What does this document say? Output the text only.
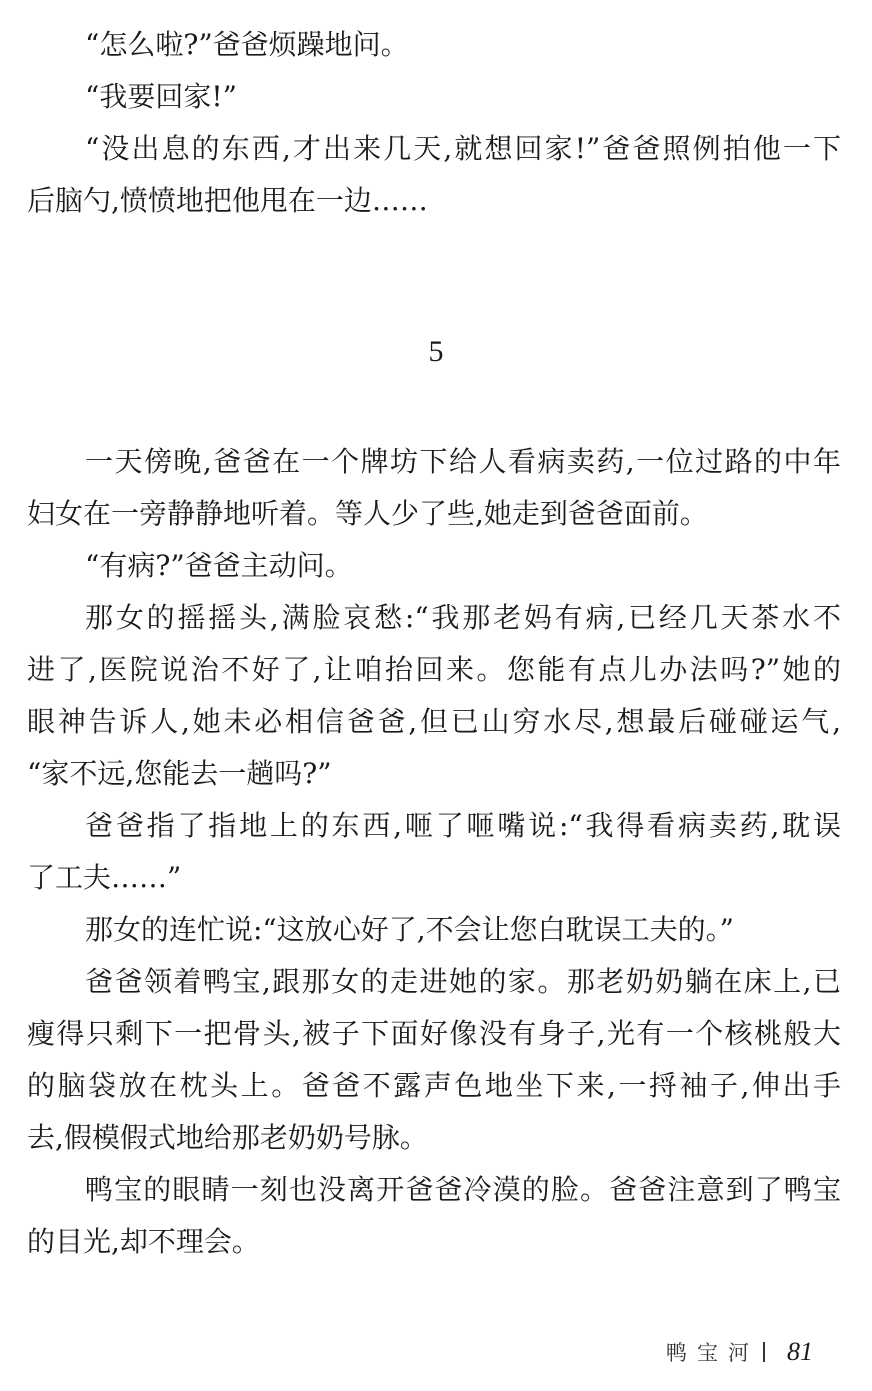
“怎么啦?”爸爸烦躁地问。
“我要回家!”
“没出息的东西,才出来几天,就想回家!”爸爸照例拍他一下
后脑勺,愤愤地把他甩在一边……
5
一天傍晚,爸爸在一个牌坊下给人看病卖药,一位过路的中年
妇女在一旁静静地听着。等人少了些,她走到爸爸面前。
“有病?”爸爸主动问。
那女的摇摇头,满脸哀愁:“我那老妈有病,已经几天茶水不
进了,医院说治不好了,让咱抬回来。您能有点儿办法吗?”她的
眼神告诉人,她未必相信爸爸,但已山穷水尽,想最后碰碰运气,
“家不远,您能去一趟吗?”
爸爸指了指地上的东西,咂了咂嘴说:“我得看病卖药,耽误
了工夫……”
那女的连忙说:“这放心好了,不会让您白耽误工夫的。”
爸爸领着鸭宝,跟那女的走进她的家。那老奶奶躺在床上,已
瘦得只剩下一把骨头,被子下面好像没有身子,光有一个核桃般大
的脑袋放在枕头上。爸爸不露声色地坐下来,一捋袖子,伸出手
去,假模假式地给那老奶奶号脉。
鸭宝的眼睛一刻也没离开爸爸冷漠的脸。爸爸注意到了鸭宝
的目光,却不理会。
鸭宝河 81
